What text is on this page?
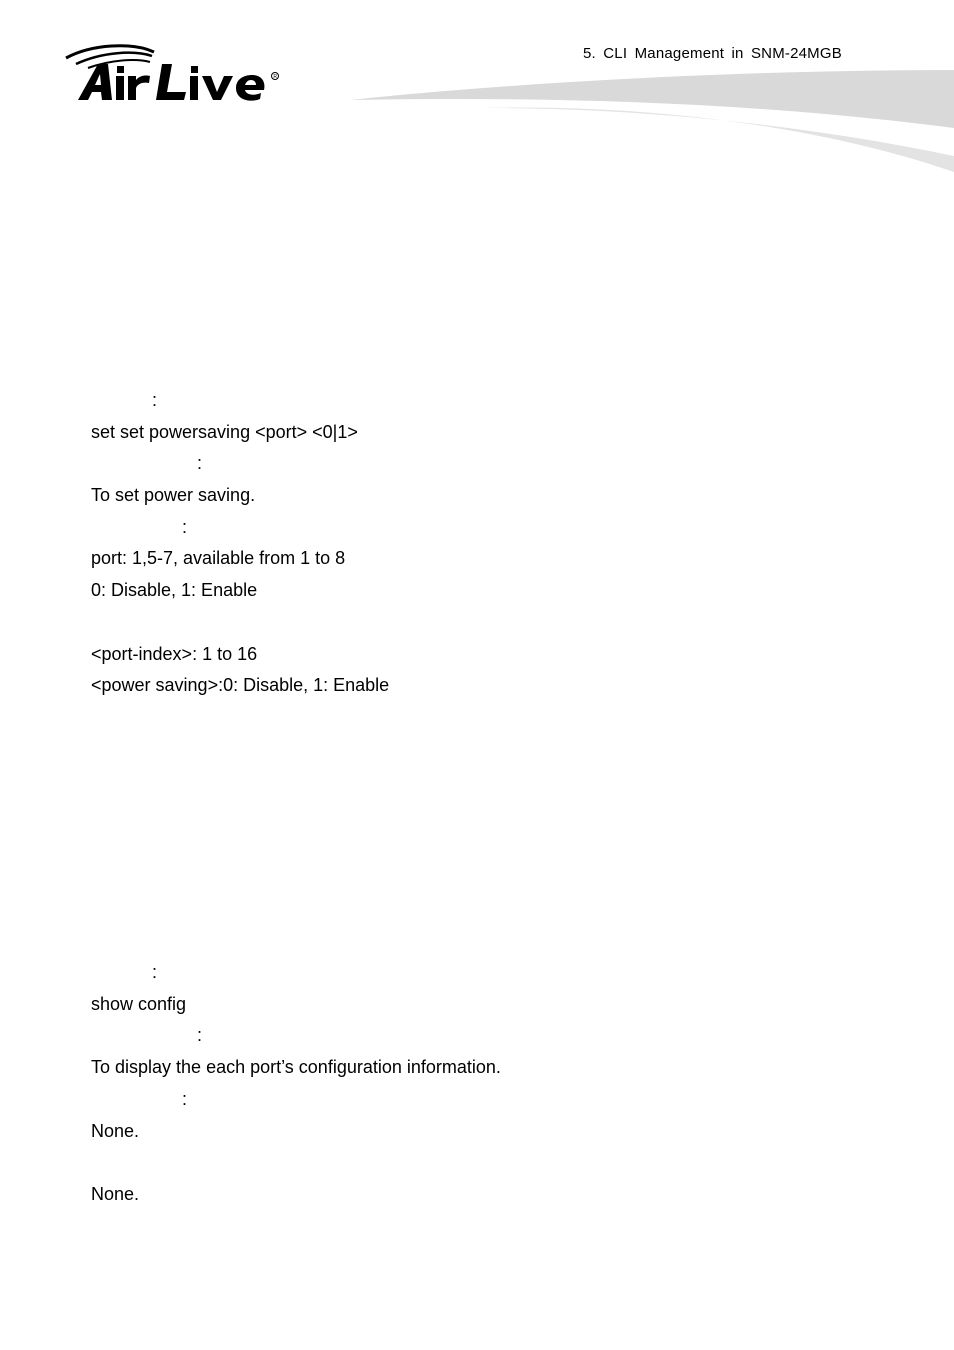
R
5. CLI Management in SNM-24MGB
:
set set powersaving <port> <0|1>
:
To set power saving.
:
port: 1,5-7, available from 1 to 8
0: Disable, 1: Enable
<port-index>: 1 to 16
<power saving>:0: Disable, 1: Enable
:
show config
:
To display the each port’s configuration information.
:
None.
None.
